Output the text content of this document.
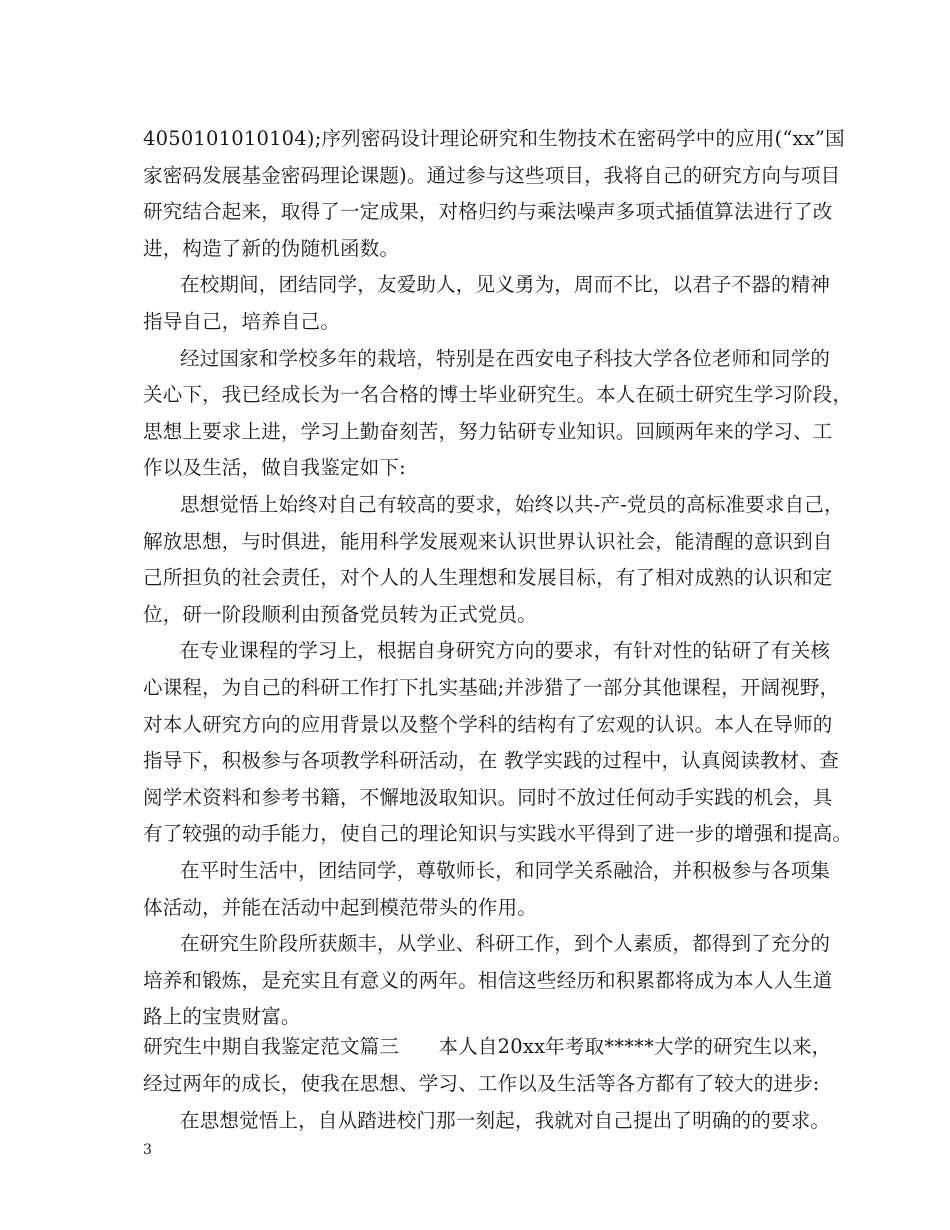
4050101010104);序列密码设计理论研究和生物技术在密码学中的应用(“xx”国
家密码发展基金密码理论课题)。通过参与这些项目，我将自己的研究方向与项目
研究结合起来，取得了一定成果，对格归约与乘法噪声多项式插值算法进行了改
进，构造了新的伪随机函数。
在校期间，团结同学，友爱助人，见义勇为，周而不比，以君子不器的精神
指导自己，培养自己。
经过国家和学校多年的栽培，特别是在西安电子科技大学各位老师和同学的
关心下，我已经成长为一名合格的博士毕业研究生。本人在硕士研究生学习阶段，
思想上要求上进，学习上勤奋刻苦，努力钻研专业知识。回顾两年来的学习、工
作以及生活，做自我鉴定如下:
思想觉悟上始终对自己有较高的要求，始终以共-产-党员的高标准要求自己，
解放思想，与时俱进，能用科学发展观来认识世界认识社会，能清醒的意识到自
己所担负的社会责任，对个人的人生理想和发展目标，有了相对成熟的认识和定
位，研一阶段顺利由预备党员转为正式党员。
在专业课程的学习上，根据自身研究方向的要求，有针对性的钻研了有关核
心课程，为自己的科研工作打下扎实基础;并涉猎了一部分其他课程，开阔视野，
对本人研究方向的应用背景以及整个学科的结构有了宏观的认识。本人在导师的
指导下，积极参与各项教学科研活动，在 教学实践的过程中，认真阅读教材、查
阅学术资料和参考书籍，不懈地汲取知识。同时不放过任何动手实践的机会，具
有了较强的动手能力，使自己的理论知识与实践水平得到了进一步的增强和提高。
在平时生活中，团结同学，尊敬师长，和同学关系融洽，并积极参与各项集
体活动，并能在活动中起到模范带头的作用。
在研究生阶段所获颇丰，从学业、科研工作，到个人素质，都得到了充分的
培养和锻炼，是充实且有意义的两年。相信这些经历和积累都将成为本人人生道
路上的宝贵财富。
研究生中期自我鉴定范文篇三　　本人自20xx年考取*****大学的研究生以来，
经过两年的成长，使我在思想、学习、工作以及生活等各方都有了较大的进步:
在思想觉悟上，自从踏进校门那一刻起，我就对自己提出了明确的的要求。
3
